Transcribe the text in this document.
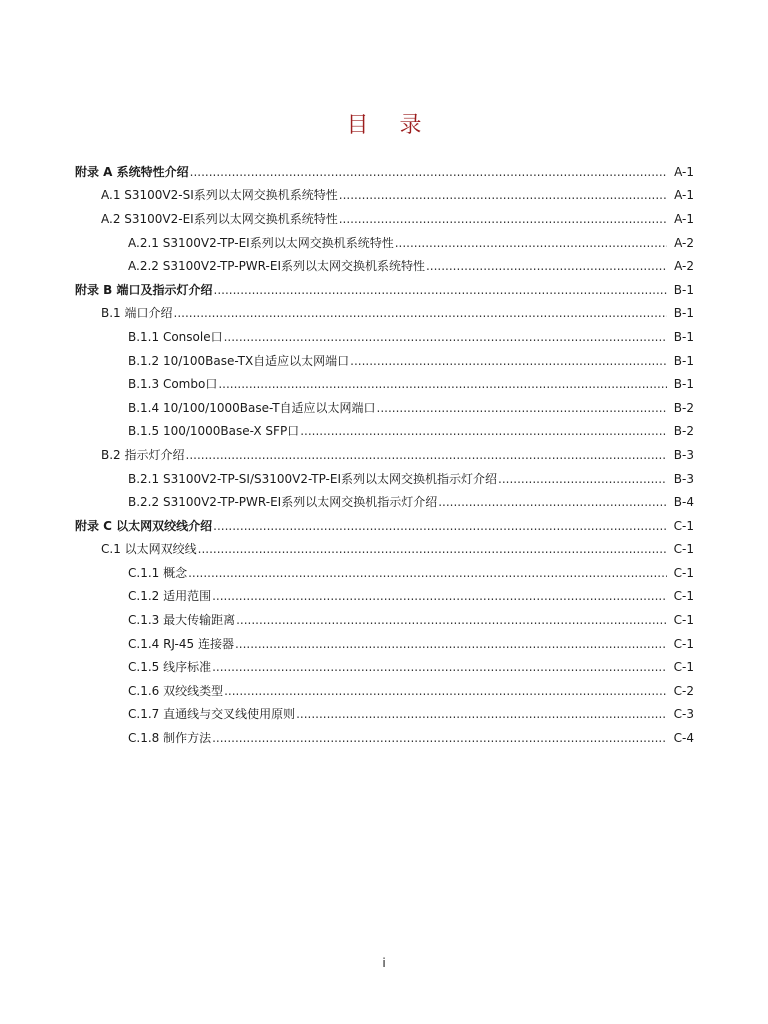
目 录
附录 A 系统特性介绍 .....	A-1
A.1 S3100V2-SI系列以太网交换机系统特性 .....	A-1
A.2 S3100V2-EI系列以太网交换机系统特性 .....	A-1
A.2.1 S3100V2-TP-EI系列以太网交换机系统特性 .....	A-2
A.2.2 S3100V2-TP-PWR-EI系列以太网交换机系统特性 .....	A-2
附录 B 端口及指示灯介绍 .....	B-1
B.1 端口介绍 .....	B-1
B.1.1 Console口 .....	B-1
B.1.2 10/100Base-TX自适应以太网端口 .....	B-1
B.1.3 Combo口 .....	B-1
B.1.4 10/100/1000Base-T自适应以太网端口 .....	B-2
B.1.5 100/1000Base-X SFP口 .....	B-2
B.2 指示灯介绍 .....	B-3
B.2.1 S3100V2-TP-SI/S3100V2-TP-EI系列以太网交换机指示灯介绍 .....	B-3
B.2.2 S3100V2-TP-PWR-EI系列以太网交换机指示灯介绍 .....	B-4
附录 C 以太网双绞线介绍 .....	C-1
C.1 以太网双绞线 .....	C-1
C.1.1 概念 .....	C-1
C.1.2 适用范围 .....	C-1
C.1.3 最大传输距离 .....	C-1
C.1.4 RJ-45 连接器 .....	C-1
C.1.5 线序标准 .....	C-1
C.1.6 双绞线类型 .....	C-2
C.1.7 直通线与交叉线使用原则 .....	C-3
C.1.8 制作方法 .....	C-4
i
